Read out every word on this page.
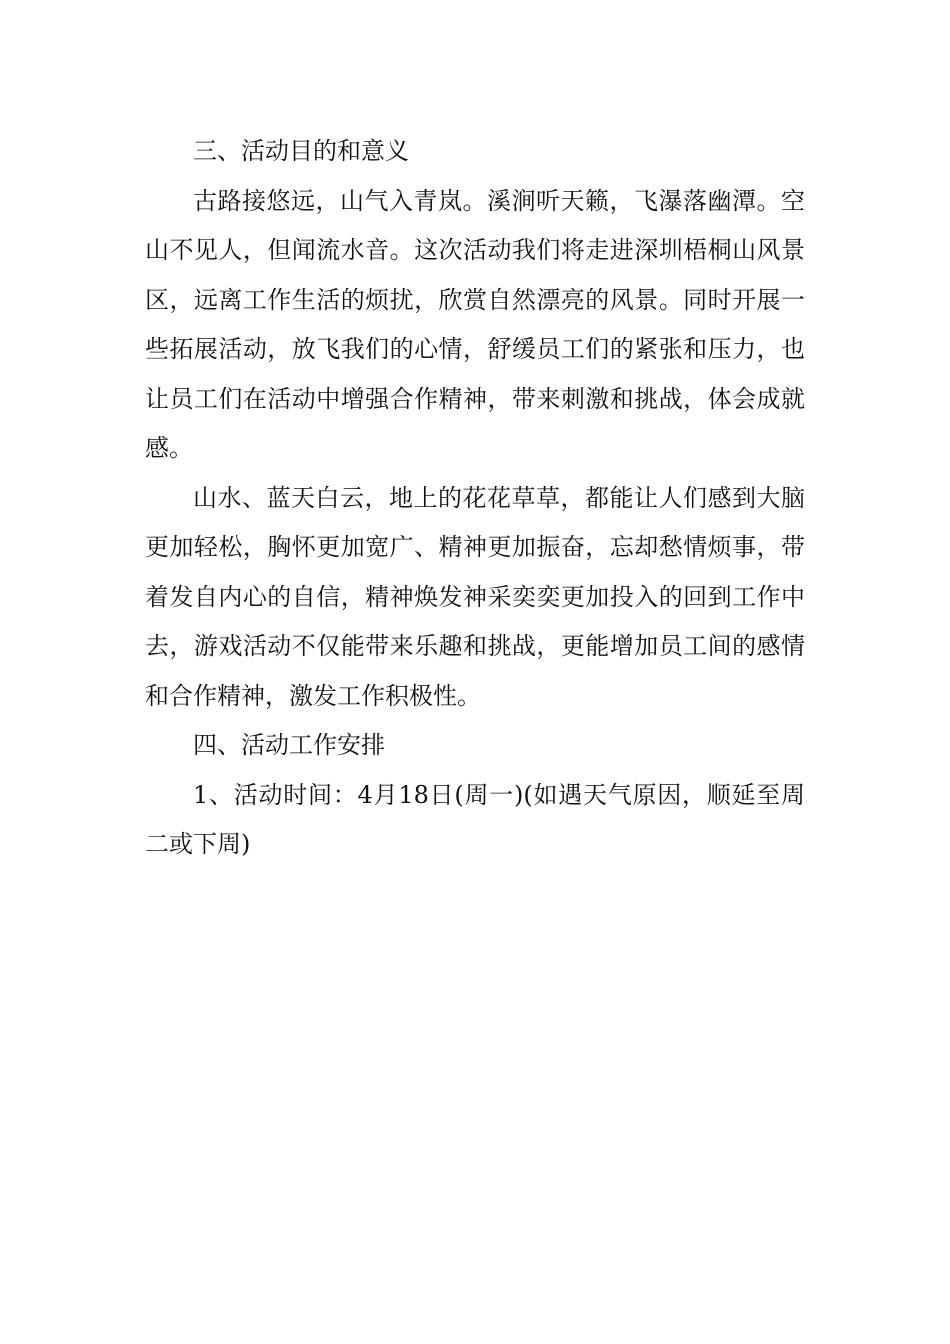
三、活动目的和意义

古路接悠远，山气入青岚。溪涧听天籁，飞瀑落幽潭。空山不见人，但闻流水音。这次活动我们将走进深圳梧桐山风景区，远离工作生活的烦扰，欣赏自然漂亮的风景。同时开展一些拓展活动，放飞我们的心情，舒缓员工们的紧张和压力，也让员工们在活动中增强合作精神，带来刺激和挑战，体会成就感。

山水、蓝天白云，地上的花花草草，都能让人们感到大脑更加轻松，胸怀更加宽广、精神更加振奋，忘却愁情烦事，带着发自内心的自信，精神焕发神采奕奕更加投入的回到工作中去，游戏活动不仅能带来乐趣和挑战，更能增加员工间的感情和合作精神，激发工作积极性。

四、活动工作安排

1、活动时间：4月18日(周一)(如遇天气原因，顺延至周二或下周)
